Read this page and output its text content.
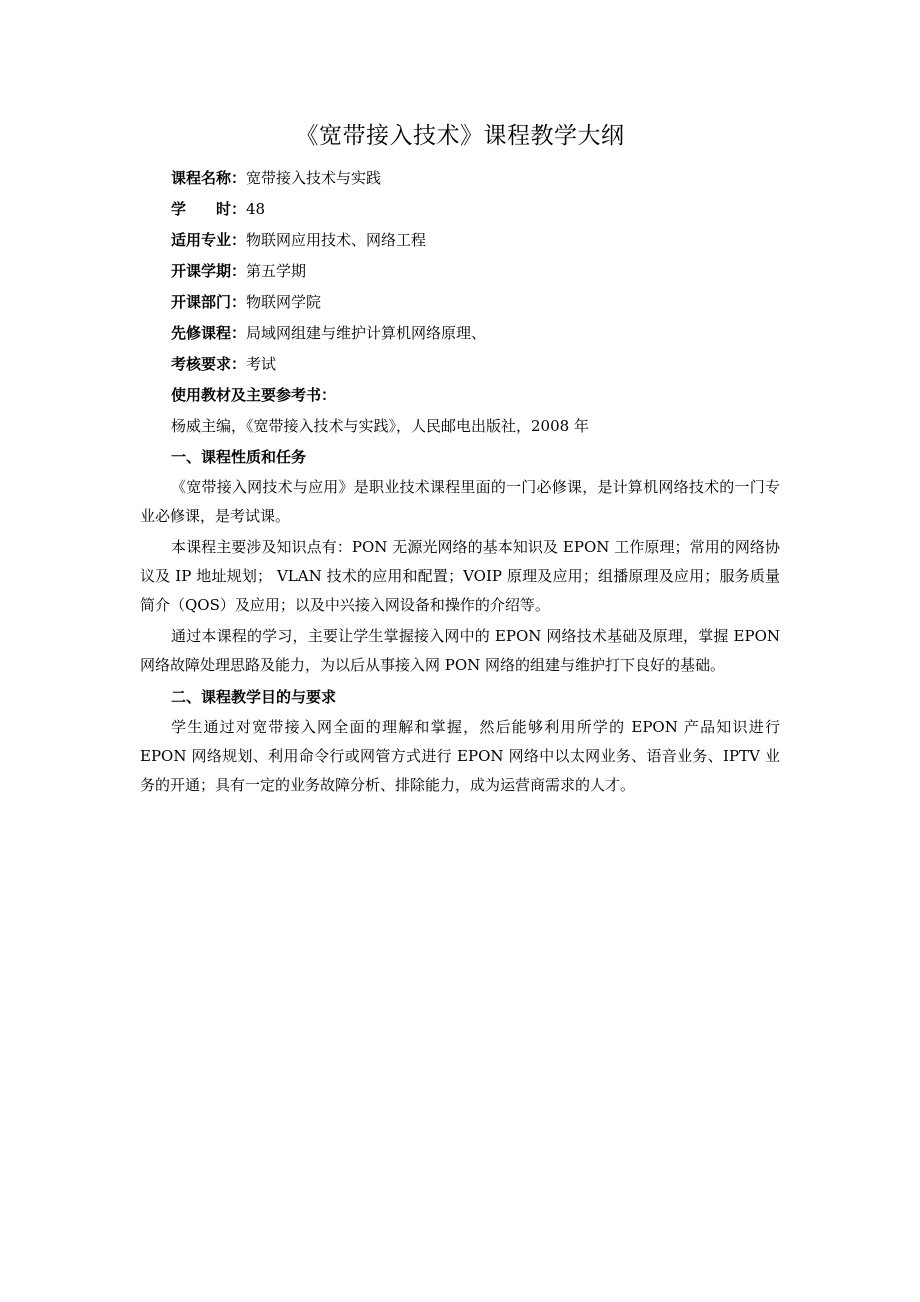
《宽带接入技术》课程教学大纲
课程名称：宽带接入技术与实践
学　　时：48
适用专业：物联网应用技术、网络工程
开课学期：第五学期
开课部门：物联网学院
先修课程：局域网组建与维护计算机网络原理、
考核要求：考试
使用教材及主要参考书：
杨威主编，《宽带接入技术与实践》，人民邮电出版社，2008 年
一、课程性质和任务

《宽带接入网技术与应用》是职业技术课程里面的一门必修课，是计算机网络技术的一门专业必修课，是考试课。

本课程主要涉及知识点有：PON 无源光网络的基本知识及 EPON 工作原理；常用的网络协议及 IP 地址规划； VLAN 技术的应用和配置；VOIP 原理及应用；组播原理及应用；服务质量简介（QOS）及应用；以及中兴接入网设备和操作的介绍等。

通过本课程的学习，主要让学生掌握接入网中的 EPON 网络技术基础及原理，掌握 EPON 网络故障处理思路及能力，为以后从事接入网 PON 网络的组建与维护打下良好的基础。

二、课程教学目的与要求

学生通过对宽带接入网全面的理解和掌握，然后能够利用所学的 EPON 产品知识进行 EPON 网络规划、利用命令行或网管方式进行 EPON 网络中以太网业务、语音业务、IPTV 业务的开通；具有一定的业务故障分析、排除能力，成为运营商需求的人才。
